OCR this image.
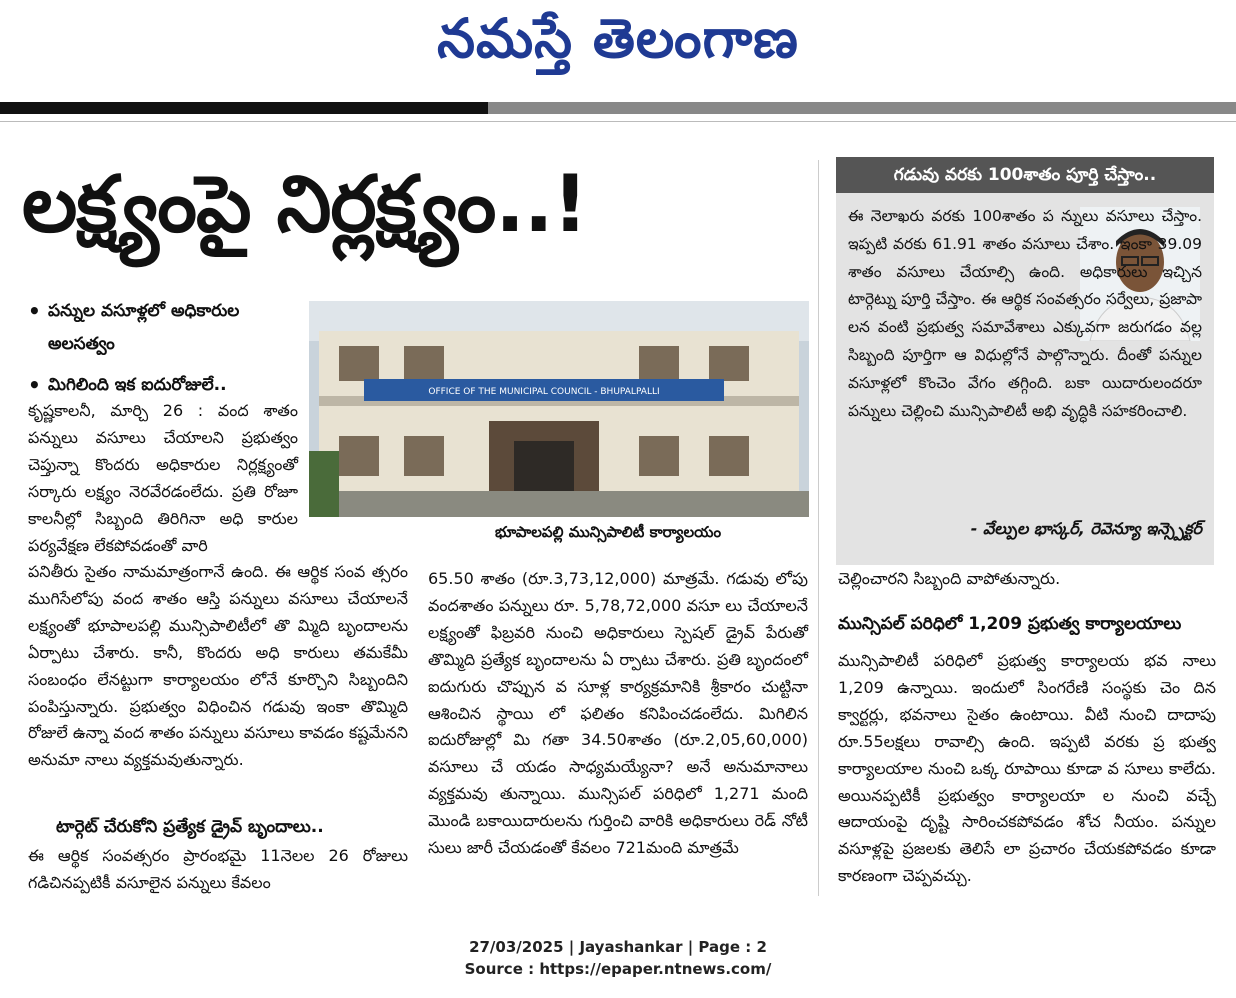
నమస్తే తెలంగాణ
లక్ష్యంపై నిర్లక్ష్యం..!
• పన్నుల వసూళ్లలో అధికారుల అలసత్వం
• మిగిలింది ఇక ఐదురోజులే..

కృష్ణకాలనీ, మార్చి 26 : వంద శాతం పన్నులు వసూలు చేయాలని ప్రభుత్వం చెప్తున్నా కొందరు అధికారుల నిర్లక్ష్యంతో సర్కారు లక్ష్యం నెరవేరడంలేదు. ప్రతి రోజూ కాలనీల్లో సిబ్బంది తిరిగినా అధి కారుల పర్యవేక్షణ లేకపోవడంతో వారి

పనితీరు సైతం నామమాత్రంగానే ఉంది. ఈ ఆర్థిక సంవ త్సరం ముగిసేలోపు వంద శాతం ఆస్తి పన్నులు వసూలు చేయాలనే లక్ష్యంతో భూపాలపల్లి మున్సిపాలిటీలో తొ మ్మిది బృందాలను ఏర్పాటు చేశారు. కానీ, కొందరు అధి కారులు తమకేమీ సంబంధం లేనట్టుగా కార్యాలయం లోనే కూర్చొని సిబ్బందిని పంపిస్తున్నారు. ప్రభుత్వం విధించిన గడువు ఇంకా తొమ్మిది రోజులే ఉన్నా వంద శాతం పన్నులు వసూలు కావడం కష్టమేనని అనుమా నాలు వ్యక్తమవుతున్నారు.

టార్గెట్ చేరుకోని ప్రత్యేక డ్రైవ్ బృందాలు..

ఈ ఆర్థిక సంవత్సరం ప్రారంభమై 11నెలల 26 రోజులు గడిచినప్పటికీ వసూలైన పన్నులు కేవలం

OFFICE OF THE MUNICIPAL COUNCIL - BHUPALPALLI
భూపాలపల్లి మున్సిపాలిటీ కార్యాలయం

65.50 శాతం (రూ.3,73,12,000) మాత్రమే. గడువు లోపు వందశాతం పన్నులు రూ. 5,78,72,000 వసూ లు చేయాలనే లక్ష్యంతో ఫిబ్రవరి నుంచి అధికారులు స్పెషల్ డ్రైవ్ పేరుతో తొమ్మిది ప్రత్యేక బృందాలను ఏ ర్పాటు చేశారు. ప్రతి బృందంలో ఐదుగురు చొప్పున వ సూళ్ల కార్యక్రమానికి శ్రీకారం చుట్టినా ఆశించిన స్థాయి లో ఫలితం కనిపించడంలేదు. మిగిలిన ఐదురోజుల్లో మి గతా 34.50శాతం (రూ.2,05,60,000) వసూలు చే యడం సాధ్యమయ్యేనా? అనే అనుమానాలు వ్యక్తమవు తున్నాయి. మున్సిపల్ పరిధిలో 1,271 మంది మొండి బకాయిదారులను గుర్తించి వారికి అధికారులు రెడ్ నోటీ సులు జారీ చేయడంతో కేవలం 721మంది మాత్రమే

గడువు వరకు 100శాతం పూర్తి చేస్తాం..

ఈ నెలాఖరు వరకు 100శాతం ప న్నులు వసూలు చేస్తాం. ఇప్పటి వరకు 61.91 శాతం వసూలు చేశాం. ఇంకా 39.09 శాతం వసూలు చేయాల్సి ఉంది. అధికారులు ఇచ్చిన టార్గెట్ను పూర్తి చేస్తాం. ఈ ఆర్థిక సంవత్సరం సర్వేలు, ప్రజాపా లన వంటి ప్రభుత్వ సమావేశాలు ఎక్కువగా జరుగడం వల్ల సిబ్బంది పూర్తిగా ఆ విధుల్లోనే పాల్గొన్నారు. దీంతో పన్నుల వసూళ్లలో కొంచెం వేగం తగ్గింది. బకా యిదారులందరూ పన్నులు చెల్లించి మున్సిపాలిటీ అభి వృద్ధికి సహకరించాలి.

- వేల్పుల భాస్కర్, రెవెన్యూ ఇన్స్పెక్టర్

చెల్లించారని సిబ్బంది వాపోతున్నారు.

మున్సిపల్ పరిధిలో 1,209 ప్రభుత్వ కార్యాలయాలు

మున్సిపాలిటీ పరిధిలో ప్రభుత్వ కార్యాలయ భవ నాలు 1,209 ఉన్నాయి. ఇందులో సింగరేణి సంస్థకు చెం దిన క్వార్టర్లు, భవనాలు సైతం ఉంటాయి. వీటి నుంచి దాదాపు రూ.55లక్షలు రావాల్సి ఉంది. ఇప్పటి వరకు ప్ర భుత్వ కార్యాలయాల నుంచి ఒక్క రూపాయి కూడా వ సూలు కాలేదు. అయినప్పటికీ ప్రభుత్వం కార్యాలయా ల నుంచి వచ్చే ఆదాయంపై దృష్టి సారించకపోవడం శోచ నీయం. పన్నుల వసూళ్లపై ప్రజలకు తెలిసే లా ప్రచారం చేయకపోవడం కూడా కారణంగా చెప్పవచ్చు.

27/03/2025 | Jayashankar | Page : 2
Source : https://epaper.ntnews.com/
